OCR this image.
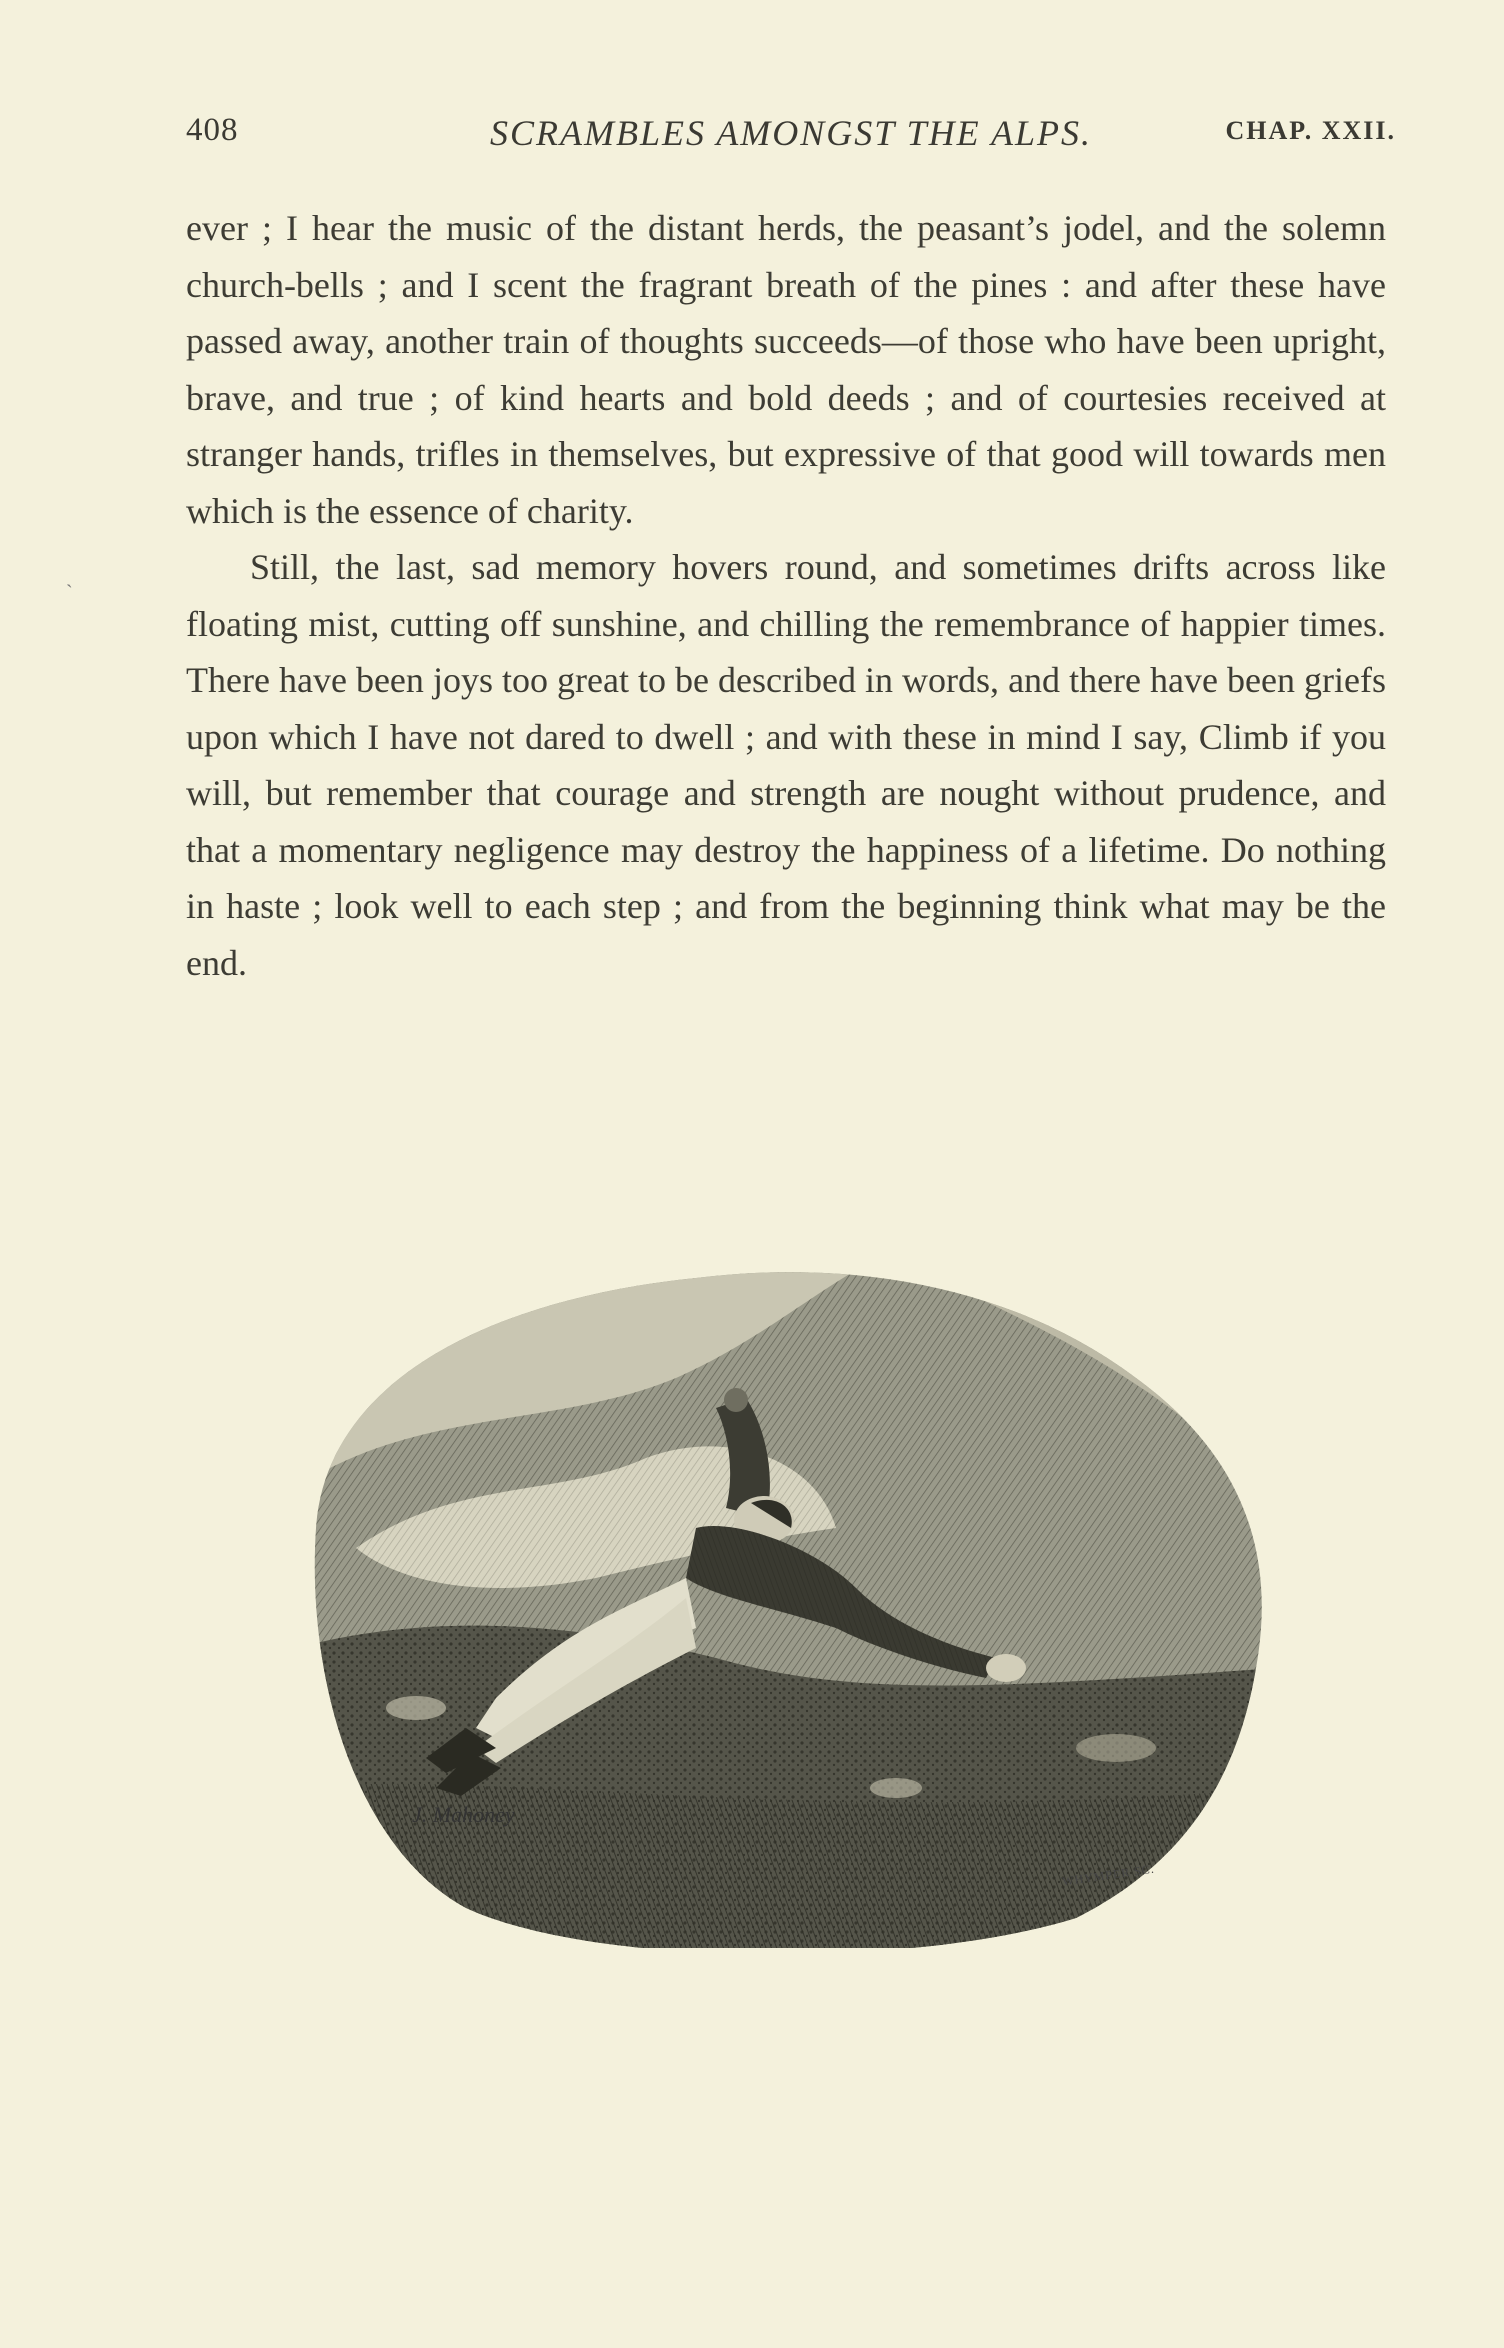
408	SCRAMBLES AMONGST THE ALPS.	CHAP. XXII.

ever ; I hear the music of the distant herds, the peasant’s jodel, and the solemn church-bells ; and I scent the fragrant breath of the pines : and after these have passed away, another train of thoughts succeeds—of those who have been upright, brave, and true ; of kind hearts and bold deeds ; and of courtesies received at stranger hands, trifles in themselves, but expressive of that good will towards men which is the essence of charity.

Still, the last, sad memory hovers round, and sometimes drifts across like floating mist, cutting off sunshine, and chilling the remembrance of happier times. There have been joys too great to be described in words, and there have been griefs upon which I have not dared to dwell ; and with these in mind I say, Climb if you will, but remember that courage and strength are nought without prudence, and that a momentary negligence may destroy the happiness of a lifetime. Do nothing in haste ; look well to each step ; and from the beginning think what may be the end.

ˎ
J. Mahoney
WHYMPER SC.
